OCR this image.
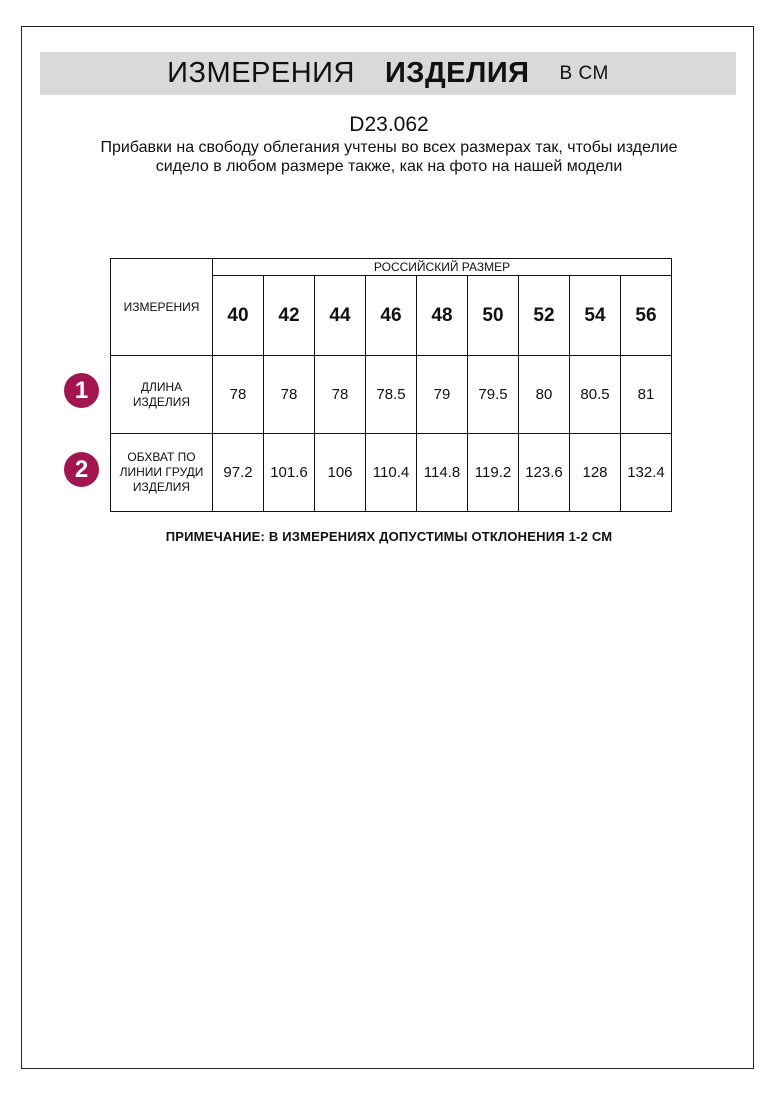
ИЗМЕРЕНИЯ ИЗДЕЛИЯ В СМ
D23.062
Прибавки на свободу облегания учтены во всех размерах так, чтобы изделие сидело в любом размере также, как на фото на нашей модели
ИЗМЕРЕНИЯ	РОССИЙСКИЙ РАЗМЕР								
	40	42	44	46	48	50	52	54	56
ДЛИНА
ИЗДЕЛИЯ	78	78	78	78.5	79	79.5	80	80.5	81
ОБХВАТ ПО
ЛИНИИ ГРУДИ
ИЗДЕЛИЯ	97.2	101.6	106	110.4	114.8	119.2	123.6	128	132.4
1
2
ПРИМЕЧАНИЕ: В ИЗМЕРЕНИЯХ ДОПУСТИМЫ ОТКЛОНЕНИЯ 1-2 СМ
